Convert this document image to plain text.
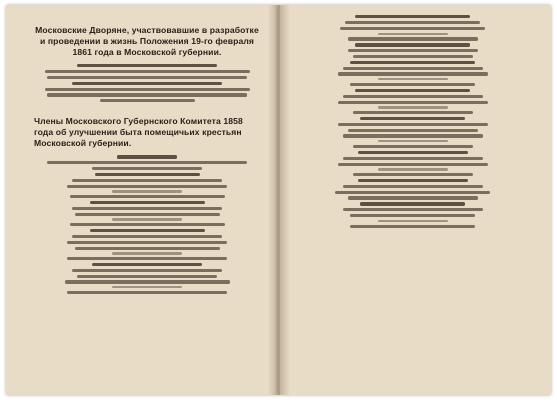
Московские Дворяне, участвовавшие в разработке и проведении в жизнь Положения 19-го февраля 1861 года в Московской губернии.
Члены Московского Губернского Комитета 1858 года об улучшении быта помещичьих крестьян Московской губернии.
